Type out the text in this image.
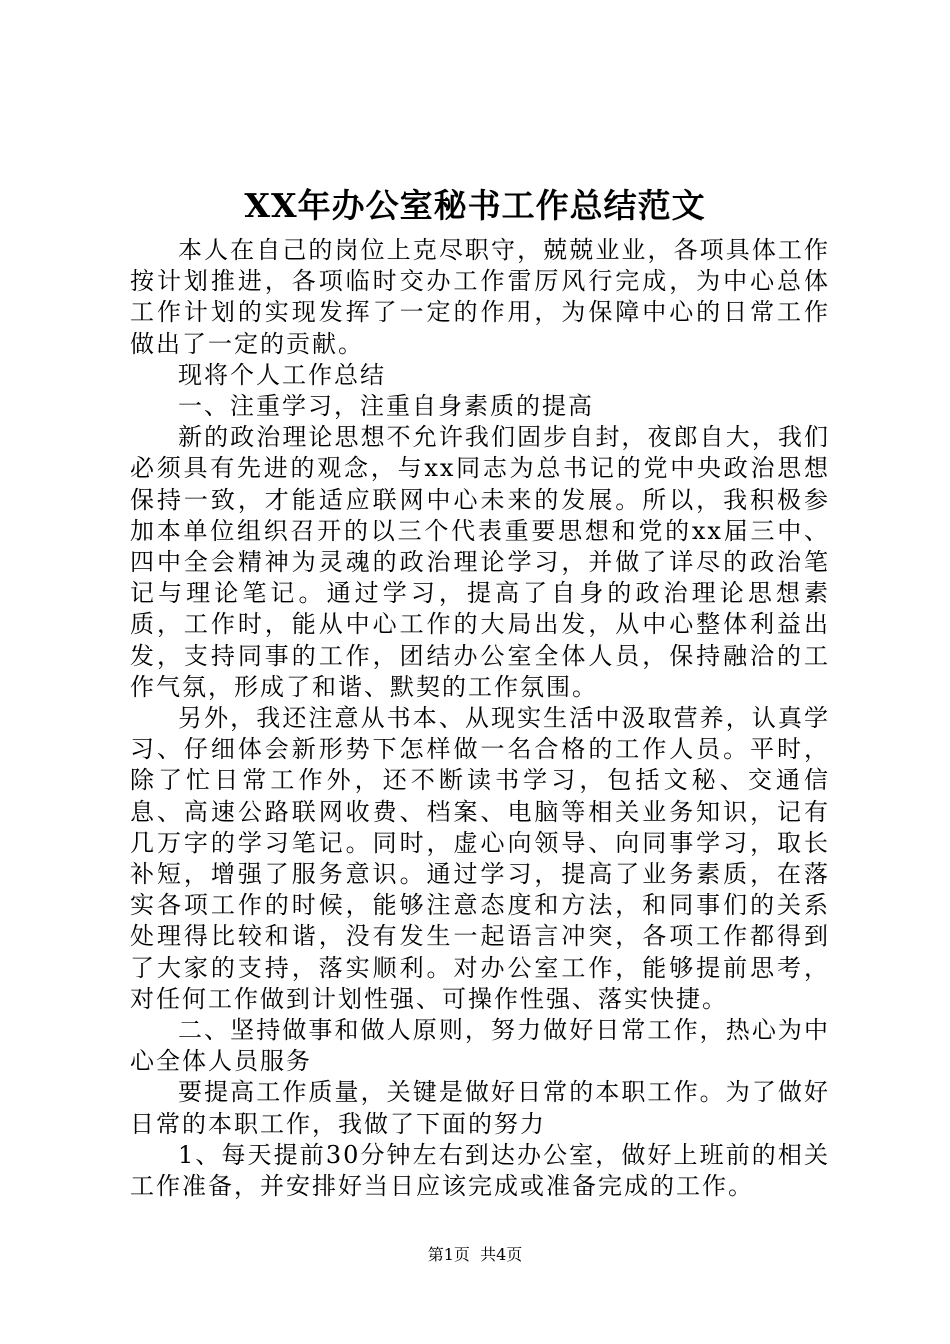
XX年办公室秘书工作总结范文

本人在自己的岗位上克尽职守，兢兢业业，各项具体工作按计划推进，各项临时交办工作雷厉风行完成，为中心总体工作计划的实现发挥了一定的作用，为保障中心的日常工作做出了一定的贡献。

现将个人工作总结

一、注重学习，注重自身素质的提高

新的政治理论思想不允许我们固步自封，夜郎自大，我们必须具有先进的观念，与xx同志为总书记的党中央政治思想保持一致，才能适应联网中心未来的发展。所以，我积极参加本单位组织召开的以三个代表重要思想和党的xx届三中、四中全会精神为灵魂的政治理论学习，并做了详尽的政治笔记与理论笔记。通过学习，提高了自身的政治理论思想素质，工作时，能从中心工作的大局出发，从中心整体利益出发，支持同事的工作，团结办公室全体人员，保持融洽的工作气氛，形成了和谐、默契的工作氛围。

另外，我还注意从书本、从现实生活中汲取营养，认真学习、仔细体会新形势下怎样做一名合格的工作人员。平时，除了忙日常工作外，还不断读书学习，包括文秘、交通信息、高速公路联网收费、档案、电脑等相关业务知识，记有几万字的学习笔记。同时，虚心向领导、向同事学习，取长补短，增强了服务意识。通过学习，提高了业务素质，在落实各项工作的时候，能够注意态度和方法，和同事们的关系处理得比较和谐，没有发生一起语言冲突，各项工作都得到了大家的支持，落实顺利。对办公室工作，能够提前思考，对任何工作做到计划性强、可操作性强、落实快捷。

二、坚持做事和做人原则，努力做好日常工作，热心为中心全体人员服务

要提高工作质量，关键是做好日常的本职工作。为了做好日常的本职工作，我做了下面的努力

1、每天提前30分钟左右到达办公室，做好上班前的相关工作准备，并安排好当日应该完成或准备完成的工作。

第1页  共4页
